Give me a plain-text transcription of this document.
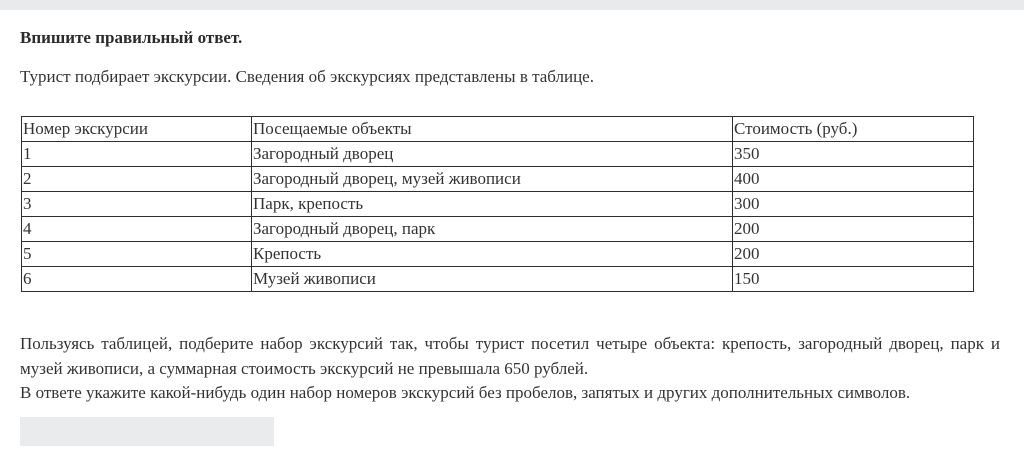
Впишите правильный ответ.
Турист подбирает экскурсии. Сведения об экскурсиях представлены в таблице.
Номер экскурсии	Посещаемые объекты	Стоимость (руб.)
1	Загородный дворец	350
2	Загородный дворец, музей живописи	400
3	Парк, крепость	300
4	Загородный дворец, парк	200
5	Крепость	200
6	Музей живописи	150

Пользуясь таблицей, подберите набор экскурсий так, чтобы турист посетил четыре объекта: крепость, загородный дворец, парк и музей живописи, а суммарная стоимость экскурсий не превышала 650 рублей.

В ответе укажите какой-нибудь один набор номеров экскурсий без пробелов, запятых и других дополнительных символов.
